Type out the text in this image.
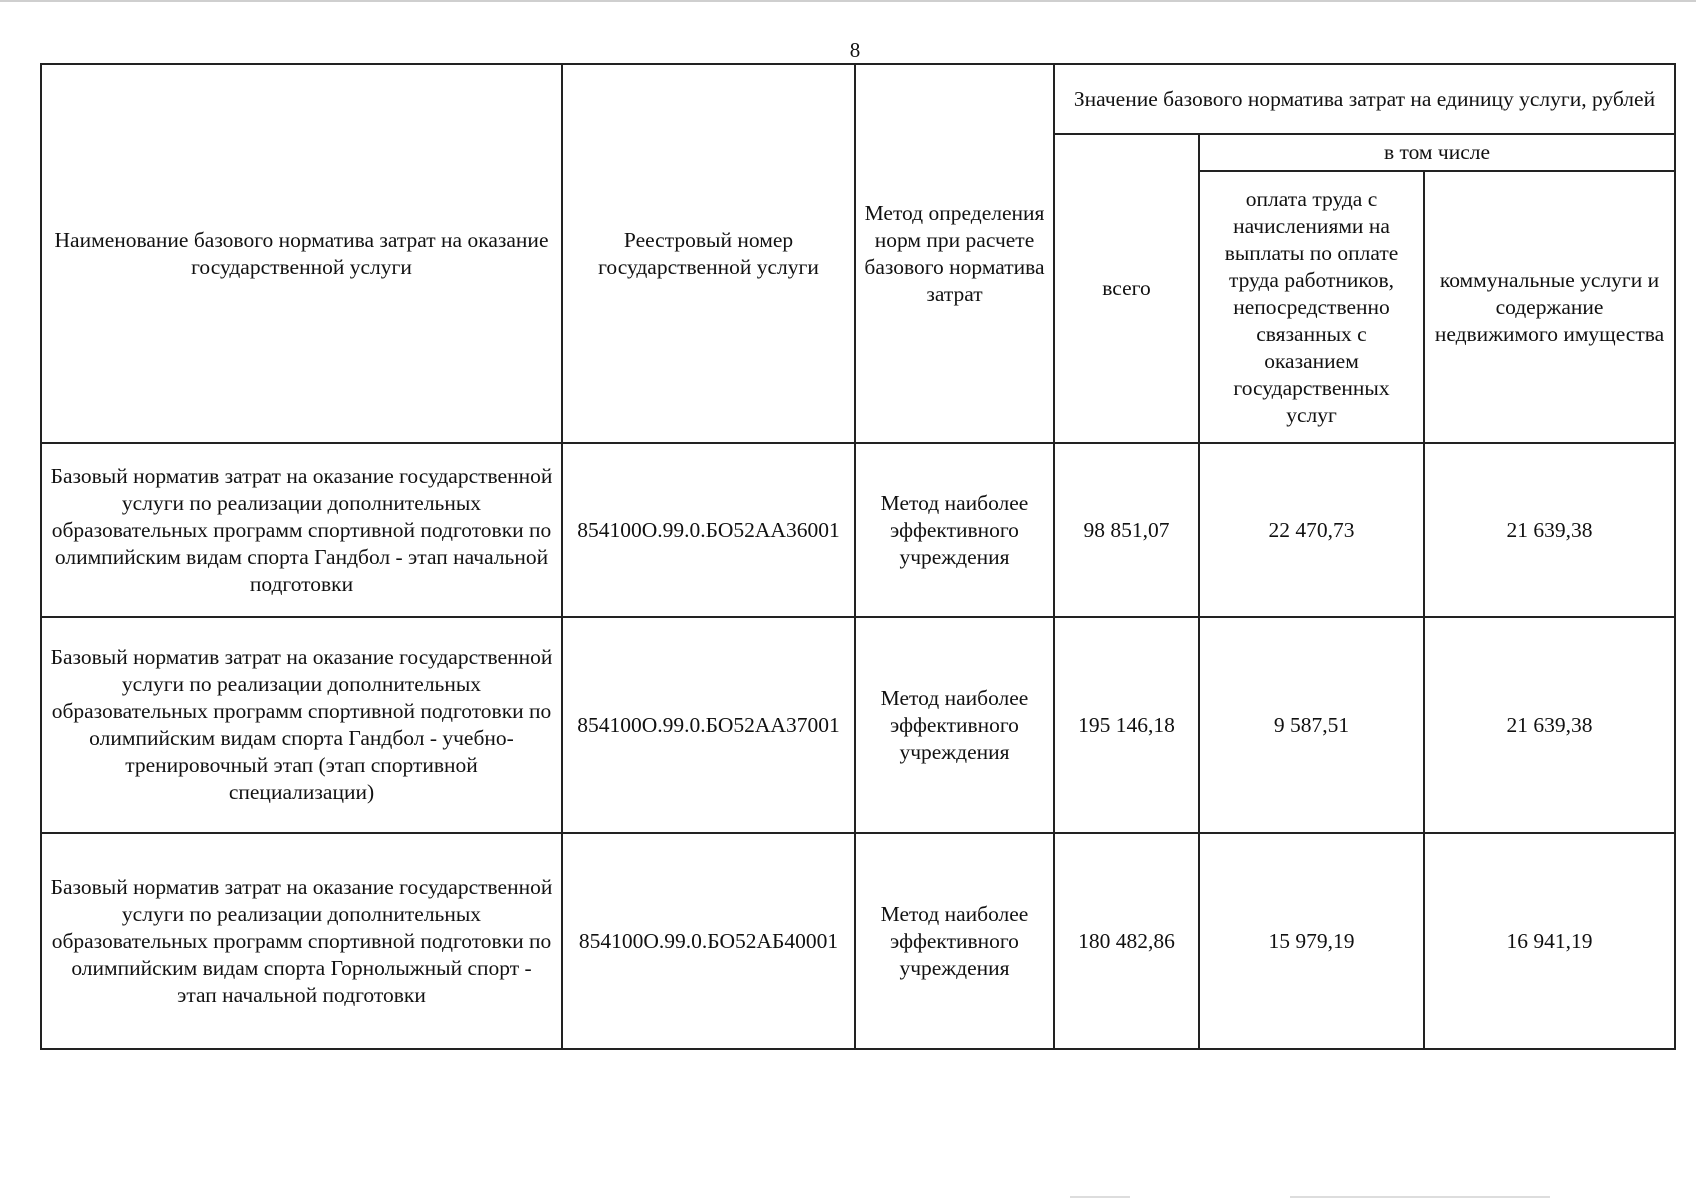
8
Наименование базового норматива затрат на оказание государственной услуги	Реестровый номер государственной услуги	Метод определения норм при расчете базового норматива затрат	Значение базового норматива затрат на единицу услуги, рублей		
			всего	в том числе	
				оплата труда с начислениями на выплаты по оплате труда работников, непосредственно связанных с оказанием государственных услуг	коммунальные услуги и содержание недвижимого имущества
Базовый норматив затрат на оказание государственной услуги по реализации дополнительных образовательных программ спортивной подготовки по олимпийским видам спорта Гандбол - этап начальной подготовки	854100О.99.0.БО52АА36001	Метод наиболее эффективного учреждения	98 851,07	22 470,73	21 639,38
Базовый норматив затрат на оказание государственной услуги по реализации дополнительных образовательных программ спортивной подготовки по олимпийским видам спорта Гандбол - учебно-тренировочный этап (этап спортивной специализации)	854100О.99.0.БО52АА37001	Метод наиболее эффективного учреждения	195 146,18	9 587,51	21 639,38
Базовый норматив затрат на оказание государственной услуги по реализации дополнительных образовательных программ спортивной подготовки по олимпийским видам спорта Горнолыжный спорт - этап начальной подготовки	854100О.99.0.БО52АБ40001	Метод наиболее эффективного учреждения	180 482,86	15 979,19	16 941,19
